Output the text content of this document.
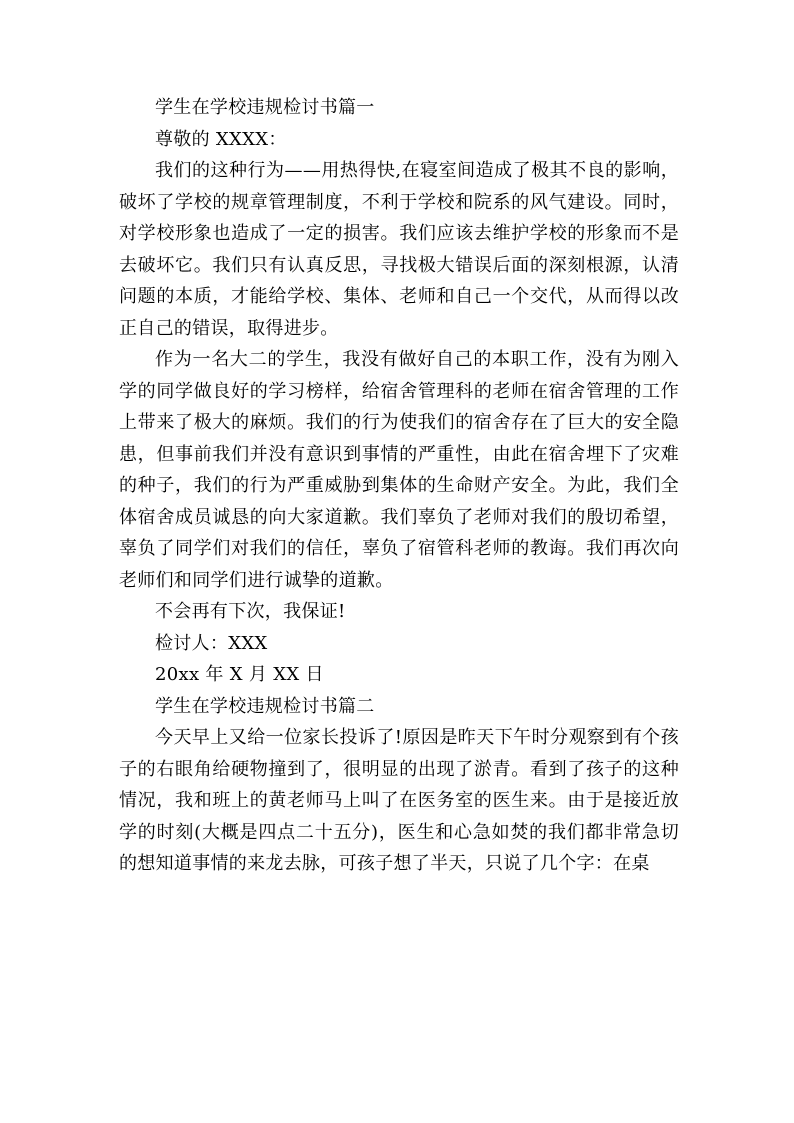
学生在学校违规检讨书篇一

尊敬的 XXXX：

我们的这种行为——用热得快,在寝室间造成了极其不良的影响，破坏了学校的规章管理制度，不利于学校和院系的风气建设。同时，对学校形象也造成了一定的损害。我们应该去维护学校的形象而不是去破坏它。我们只有认真反思，寻找极大错误后面的深刻根源，认清问题的本质，才能给学校、集体、老师和自己一个交代，从而得以改正自己的错误，取得进步。

作为一名大二的学生，我没有做好自己的本职工作，没有为刚入学的同学做良好的学习榜样，给宿舍管理科的老师在宿舍管理的工作上带来了极大的麻烦。我们的行为使我们的宿舍存在了巨大的安全隐患，但事前我们并没有意识到事情的严重性，由此在宿舍埋下了灾难的种子，我们的行为严重威胁到集体的生命财产安全。为此，我们全体宿舍成员诚恳的向大家道歉。我们辜负了老师对我们的殷切希望，辜负了同学们对我们的信任，辜负了宿管科老师的教诲。我们再次向老师们和同学们进行诚挚的道歉。

不会再有下次，我保证!

检讨人：XXX

20xx 年 X 月 XX 日

学生在学校违规检讨书篇二

今天早上又给一位家长投诉了!原因是昨天下午时分观察到有个孩子的右眼角给硬物撞到了，很明显的出现了淤青。看到了孩子的这种情况，我和班上的黄老师马上叫了在医务室的医生来。由于是接近放学的时刻(大概是四点二十五分)，医生和心急如焚的我们都非常急切的想知道事情的来龙去脉，可孩子想了半天，只说了几个字：在桌
